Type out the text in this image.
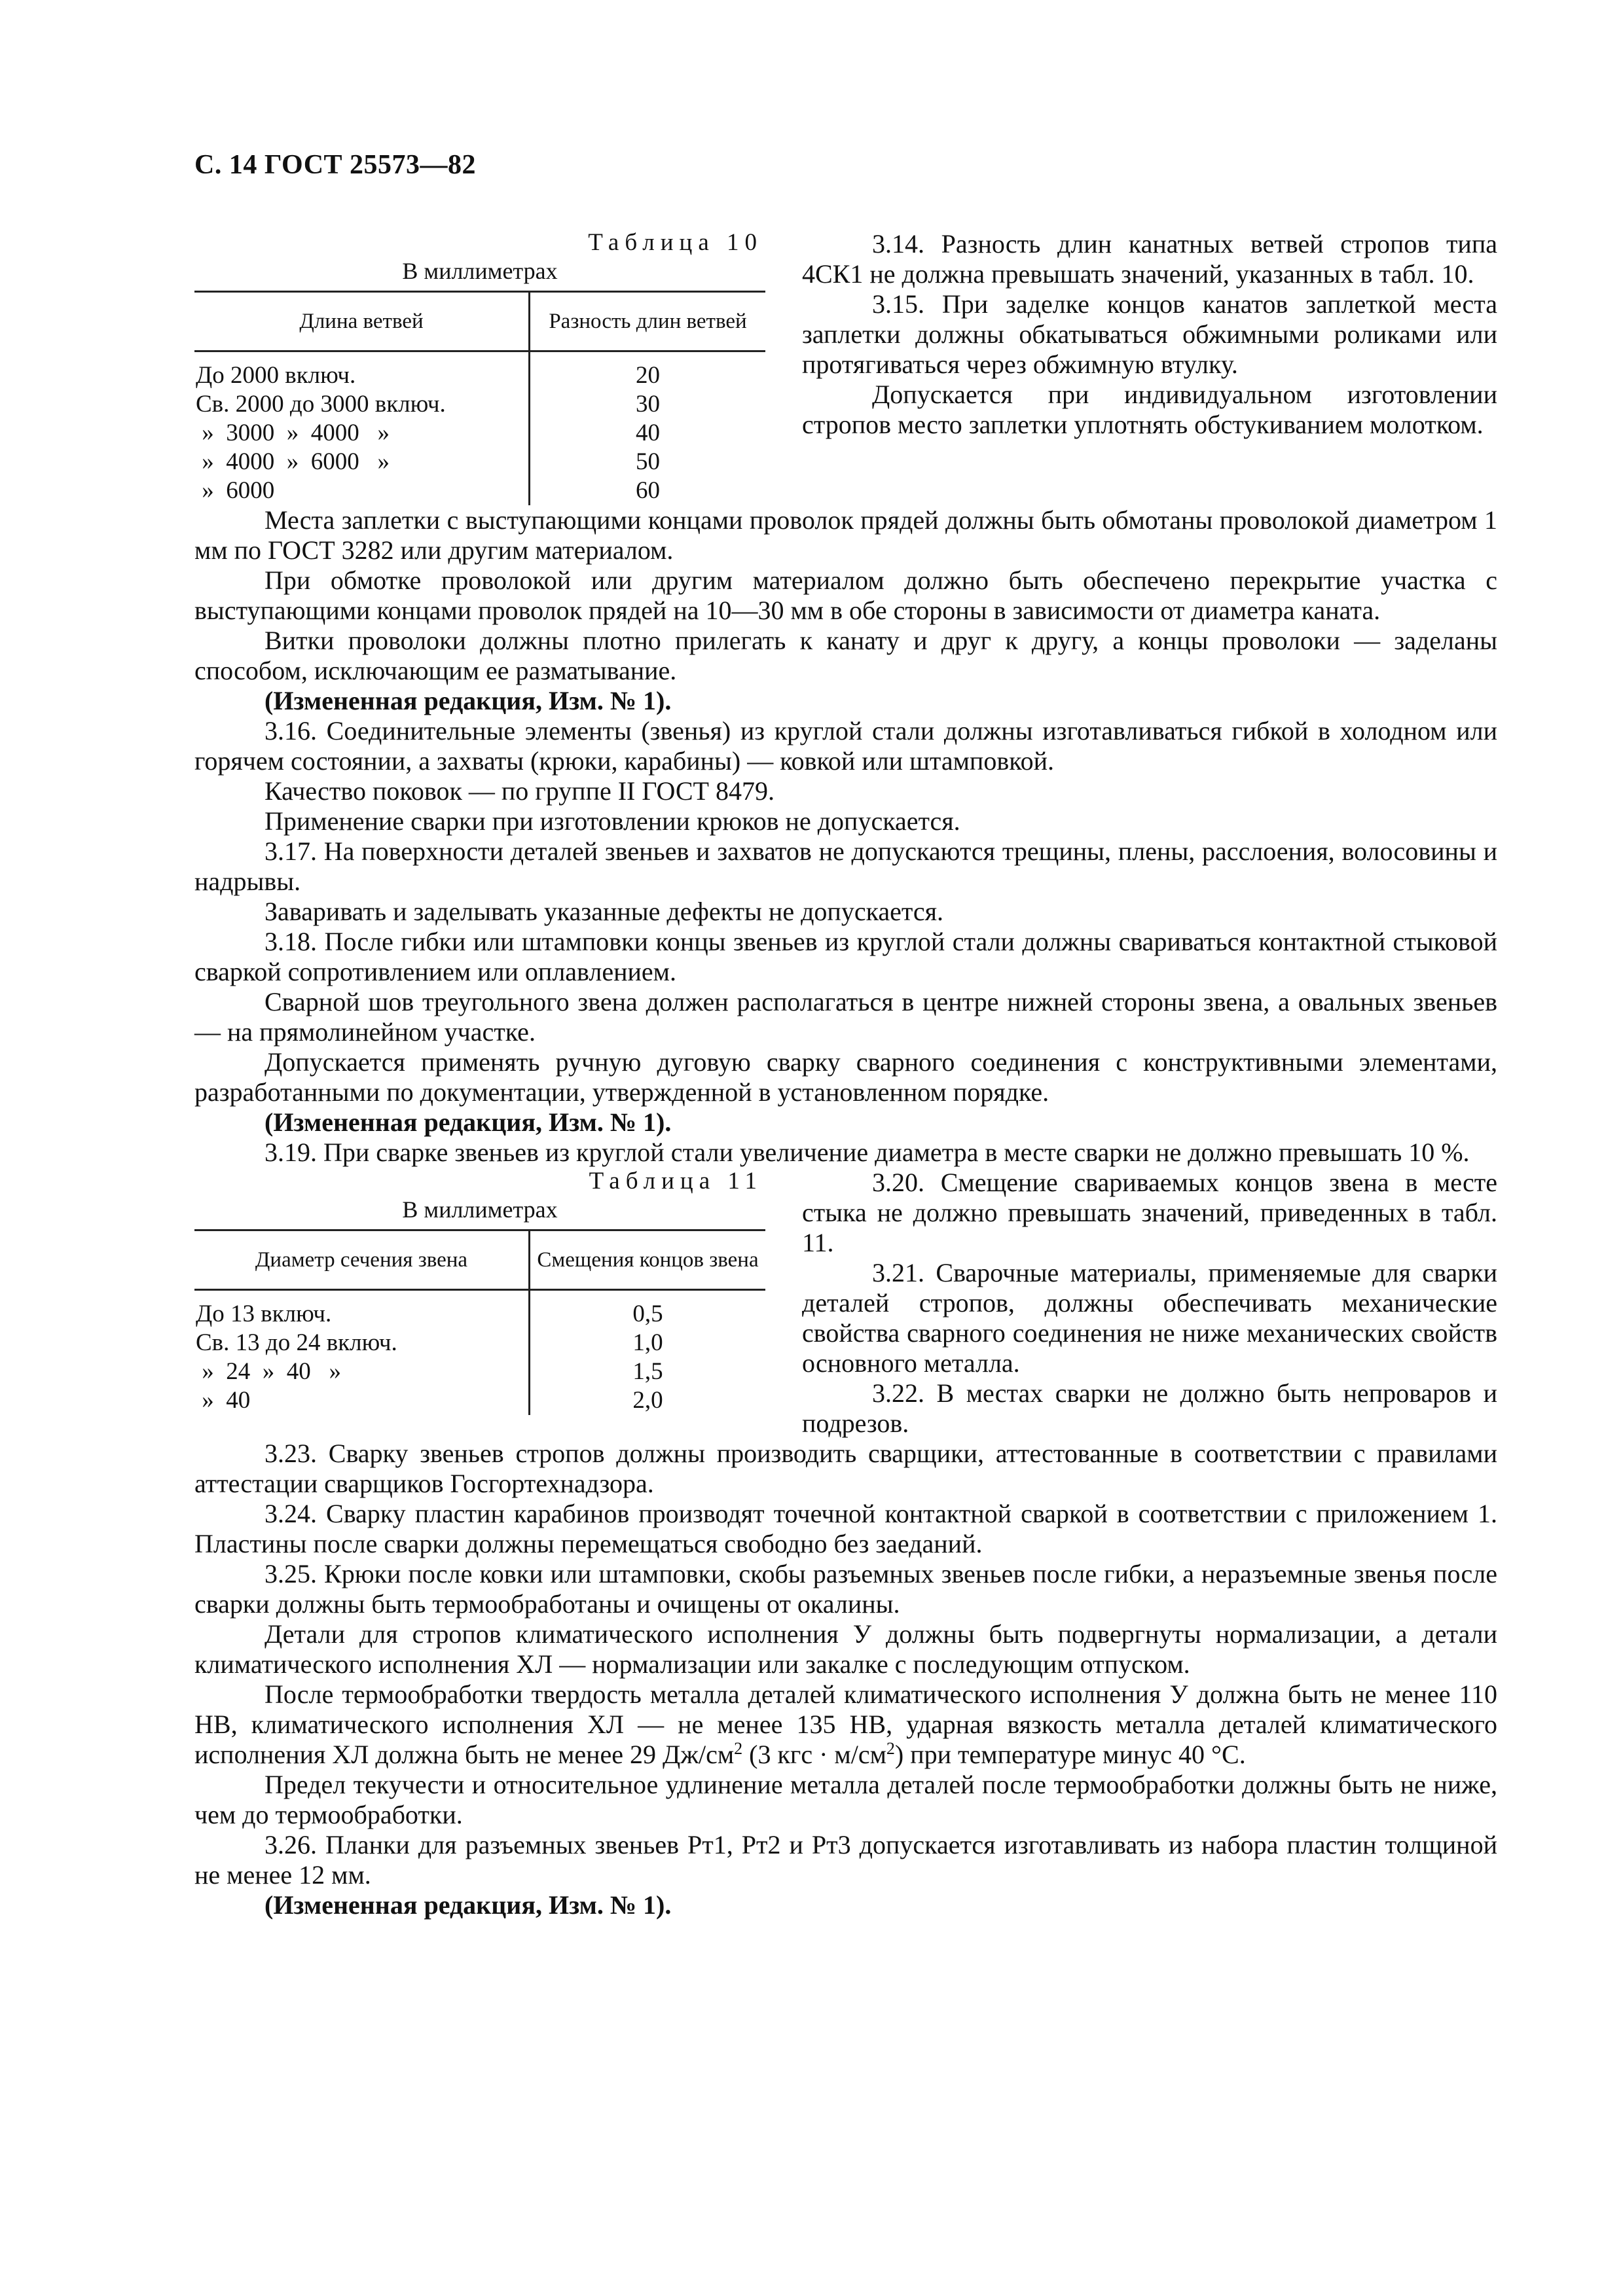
С. 14 ГОСТ 25573—82
Таблица 10
В миллиметрах
Длина ветвей	Разность длин ветвей
До 2000 включ.	20
Св. 2000 до 3000 включ.	30
»  3000  »  4000   »	40
»  4000  »  6000   »	50
»  6000	60

3.14. Разность длин канатных ветвей стропов типа 4СК1 не должна превышать значений, указанных в табл. 10.

3.15. При заделке концов канатов заплеткой места заплетки должны обкатываться обжимными роликами или протягиваться через обжимную втулку.

Допускается при индивидуальном изготовлении стропов место заплетки уплотнять обстукиванием молотком.

Места заплетки с выступающими концами проволок прядей должны быть обмотаны проволокой диаметром 1 мм по ГОСТ 3282 или другим материалом.

При обмотке проволокой или другим материалом должно быть обеспечено перекрытие участка с выступающими концами проволок прядей на 10—30 мм в обе стороны в зависимости от диаметра каната.

Витки проволоки должны плотно прилегать к канату и друг к другу, а концы проволоки — заделаны способом, исключающим ее разматывание.

(Измененная редакция, Изм. № 1).

3.16. Соединительные элементы (звенья) из круглой стали должны изготавливаться гибкой в холодном или горячем состоянии, а захваты (крюки, карабины) — ковкой или штамповкой.

Качество поковок — по группе II ГОСТ 8479.

Применение сварки при изготовлении крюков не допускается.

3.17. На поверхности деталей звеньев и захватов не допускаются трещины, плены, расслоения, волосовины и надрывы.

Заваривать и заделывать указанные дефекты не допускается.

3.18. После гибки или штамповки концы звеньев из круглой стали должны свариваться контактной стыковой сваркой сопротивлением или оплавлением.

Сварной шов треугольного звена должен располагаться в центре нижней стороны звена, а овальных звеньев — на прямолинейном участке.

Допускается применять ручную дуговую сварку сварного соединения с конструктивными элементами, разработанными по документации, утвержденной в установленном порядке.

(Измененная редакция, Изм. № 1).

3.19. При сварке звеньев из круглой стали увеличение диаметра в месте сварки не должно превышать 10 %.

Таблица 11
В миллиметрах
Диаметр сечения звена	Смещения концов звена
До 13 включ.	0,5
Св. 13 до 24 включ.	1,0
»  24  »  40   »	1,5
»  40	2,0

3.20. Смещение свариваемых концов звена в месте стыка не должно превышать значений, приведенных в табл. 11.

3.21. Сварочные материалы, применяемые для сварки деталей стропов, должны обеспечивать механические свойства сварного соединения не ниже механических свойств основного металла.

3.22. В местах сварки не должно быть непроваров и подрезов.

3.23. Сварку звеньев стропов должны производить сварщики, аттестованные в соответствии с правилами аттестации сварщиков Госгортехнадзора.

3.24. Сварку пластин карабинов производят точечной контактной сваркой в соответствии с приложением 1. Пластины после сварки должны перемещаться свободно без заеданий.

3.25. Крюки после ковки или штамповки, скобы разъемных звеньев после гибки, а неразъемные звенья после сварки должны быть термообработаны и очищены от окалины.

Детали для стропов климатического исполнения У должны быть подвергнуты нормализации, а детали климатического исполнения ХЛ — нормализации или закалке с последующим отпуском.

После термообработки твердость металла деталей климатического исполнения У должна быть не менее 110 НВ, климатического исполнения ХЛ — не менее 135 НВ, ударная вязкость металла деталей климатического исполнения ХЛ должна быть не менее 29 $Дж/см^2$ (3 кгс · $м/см^2$) при температуре минус 40 °С.

Предел текучести и относительное удлинение металла деталей после термообработки должны быть не ниже, чем до термообработки.

3.26. Планки для разъемных звеньев Рт1, Рт2 и Рт3 допускается изготавливать из набора пластин толщиной не менее 12 мм.

(Измененная редакция, Изм. № 1).
